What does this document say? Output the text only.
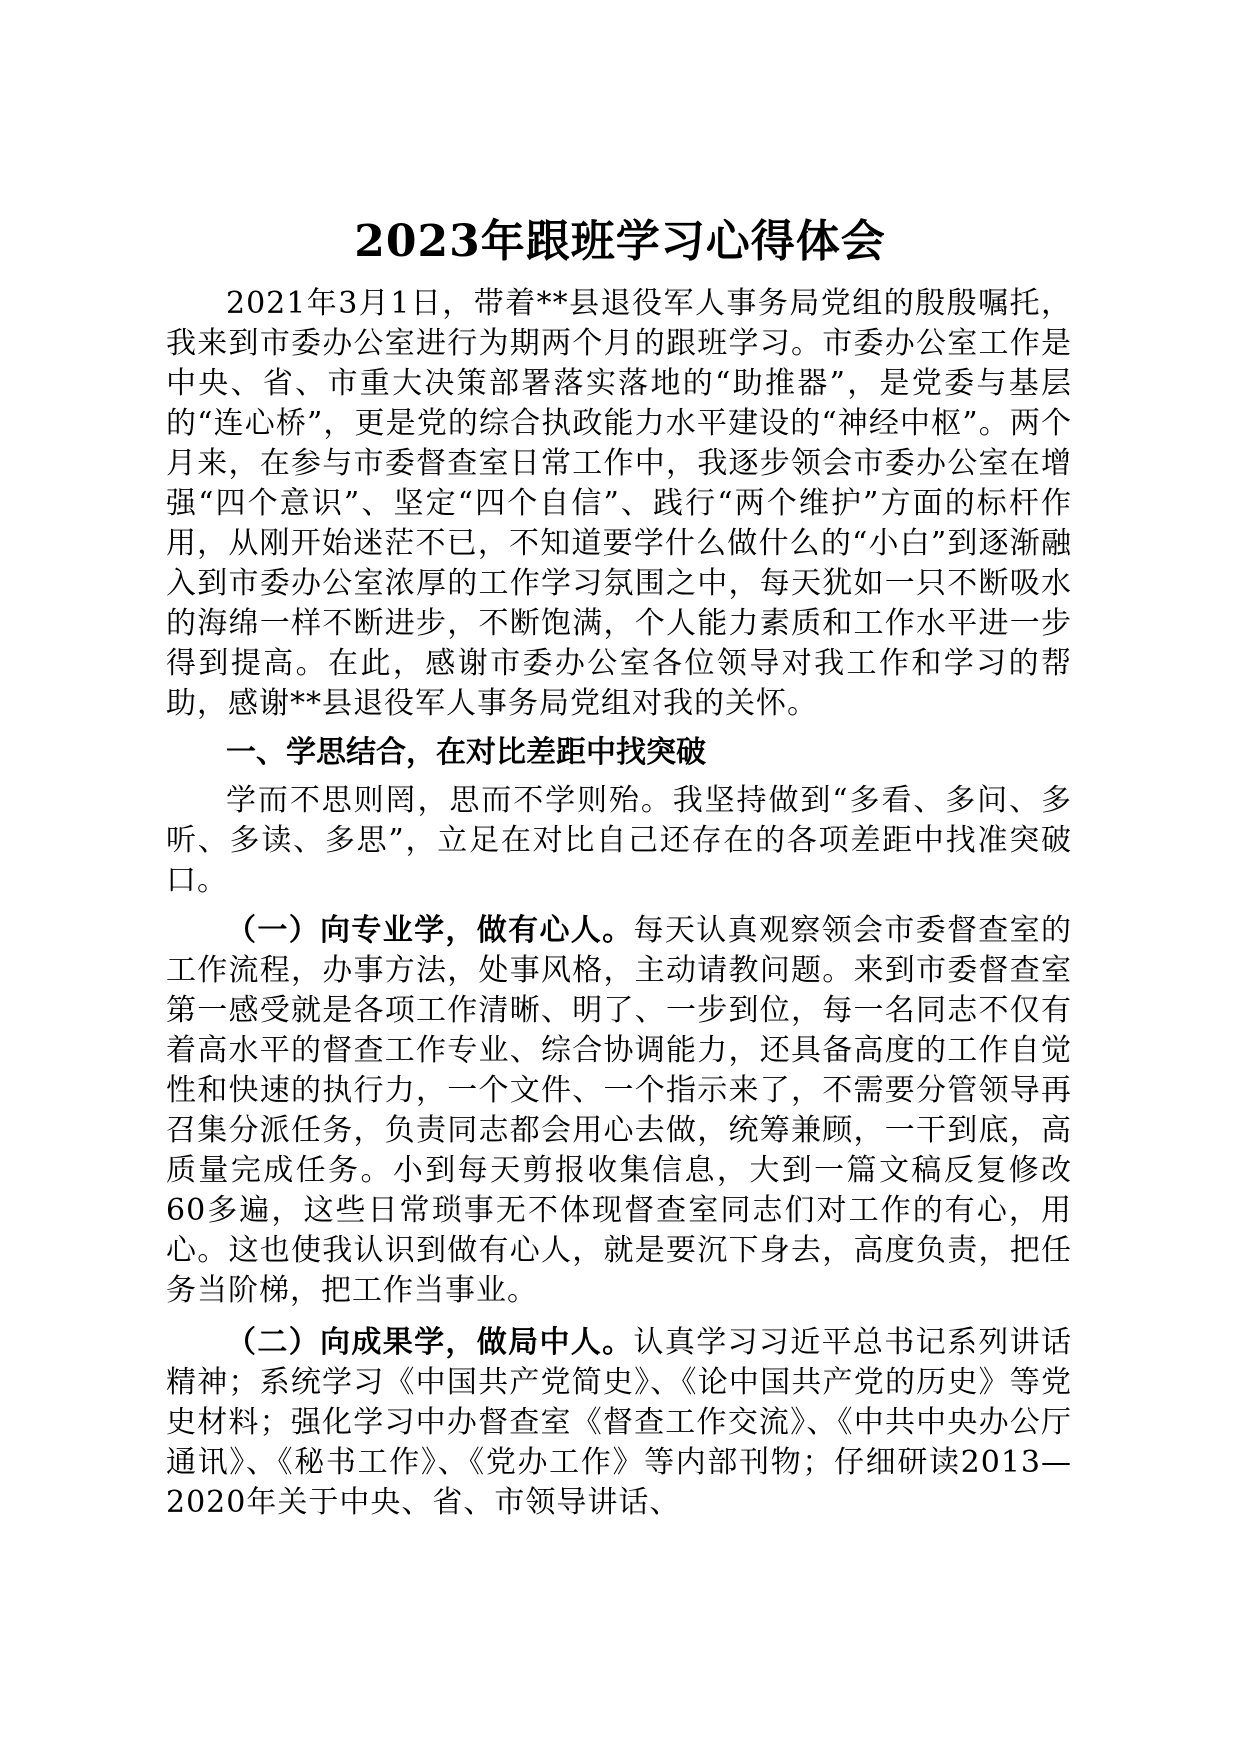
2023年跟班学习心得体会

2021年3月1日，带着**县退役军人事务局党组的殷殷嘱托，我来到市委办公室进行为期两个月的跟班学习。市委办公室工作是中央、省、市重大决策部署落实落地的“助推器”，是党委与基层的“连心桥”，更是党的综合执政能力水平建设的“神经中枢”。两个月来，在参与市委督查室日常工作中，我逐步领会市委办公室在增强“四个意识”、坚定“四个自信”、践行“两个维护”方面的标杆作用，从刚开始迷茫不已，不知道要学什么做什么的“小白”到逐渐融入到市委办公室浓厚的工作学习氛围之中，每天犹如一只不断吸水的海绵一样不断进步，不断饱满，个人能力素质和工作水平进一步得到提高。在此，感谢市委办公室各位领导对我工作和学习的帮助，感谢**县退役军人事务局党组对我的关怀。

一、学思结合，在对比差距中找突破

学而不思则罔，思而不学则殆。我坚持做到“多看、多问、多听、多读、多思”，立足在对比自己还存在的各项差距中找准突破口。

（一）向专业学，做有心人。每天认真观察领会市委督查室的工作流程，办事方法，处事风格，主动请教问题。来到市委督查室第一感受就是各项工作清晰、明了、一步到位，每一名同志不仅有着高水平的督查工作专业、综合协调能力，还具备高度的工作自觉性和快速的执行力，一个文件、一个指示来了，不需要分管领导再召集分派任务，负责同志都会用心去做，统筹兼顾，一干到底，高质量完成任务。小到每天剪报收集信息，大到一篇文稿反复修改60多遍，这些日常琐事无不体现督查室同志们对工作的有心，用心。这也使我认识到做有心人，就是要沉下身去，高度负责，把任务当阶梯，把工作当事业。

（二）向成果学，做局中人。认真学习习近平总书记系列讲话精神；系统学习《中国共产党简史》、《论中国共产党的历史》等党史材料；强化学习中办督查室《督查工作交流》、《中共中央办公厅通讯》、《秘书工作》、《党办工作》等内部刊物；仔细研读2013—2020年关于中央、省、市领导讲话、
